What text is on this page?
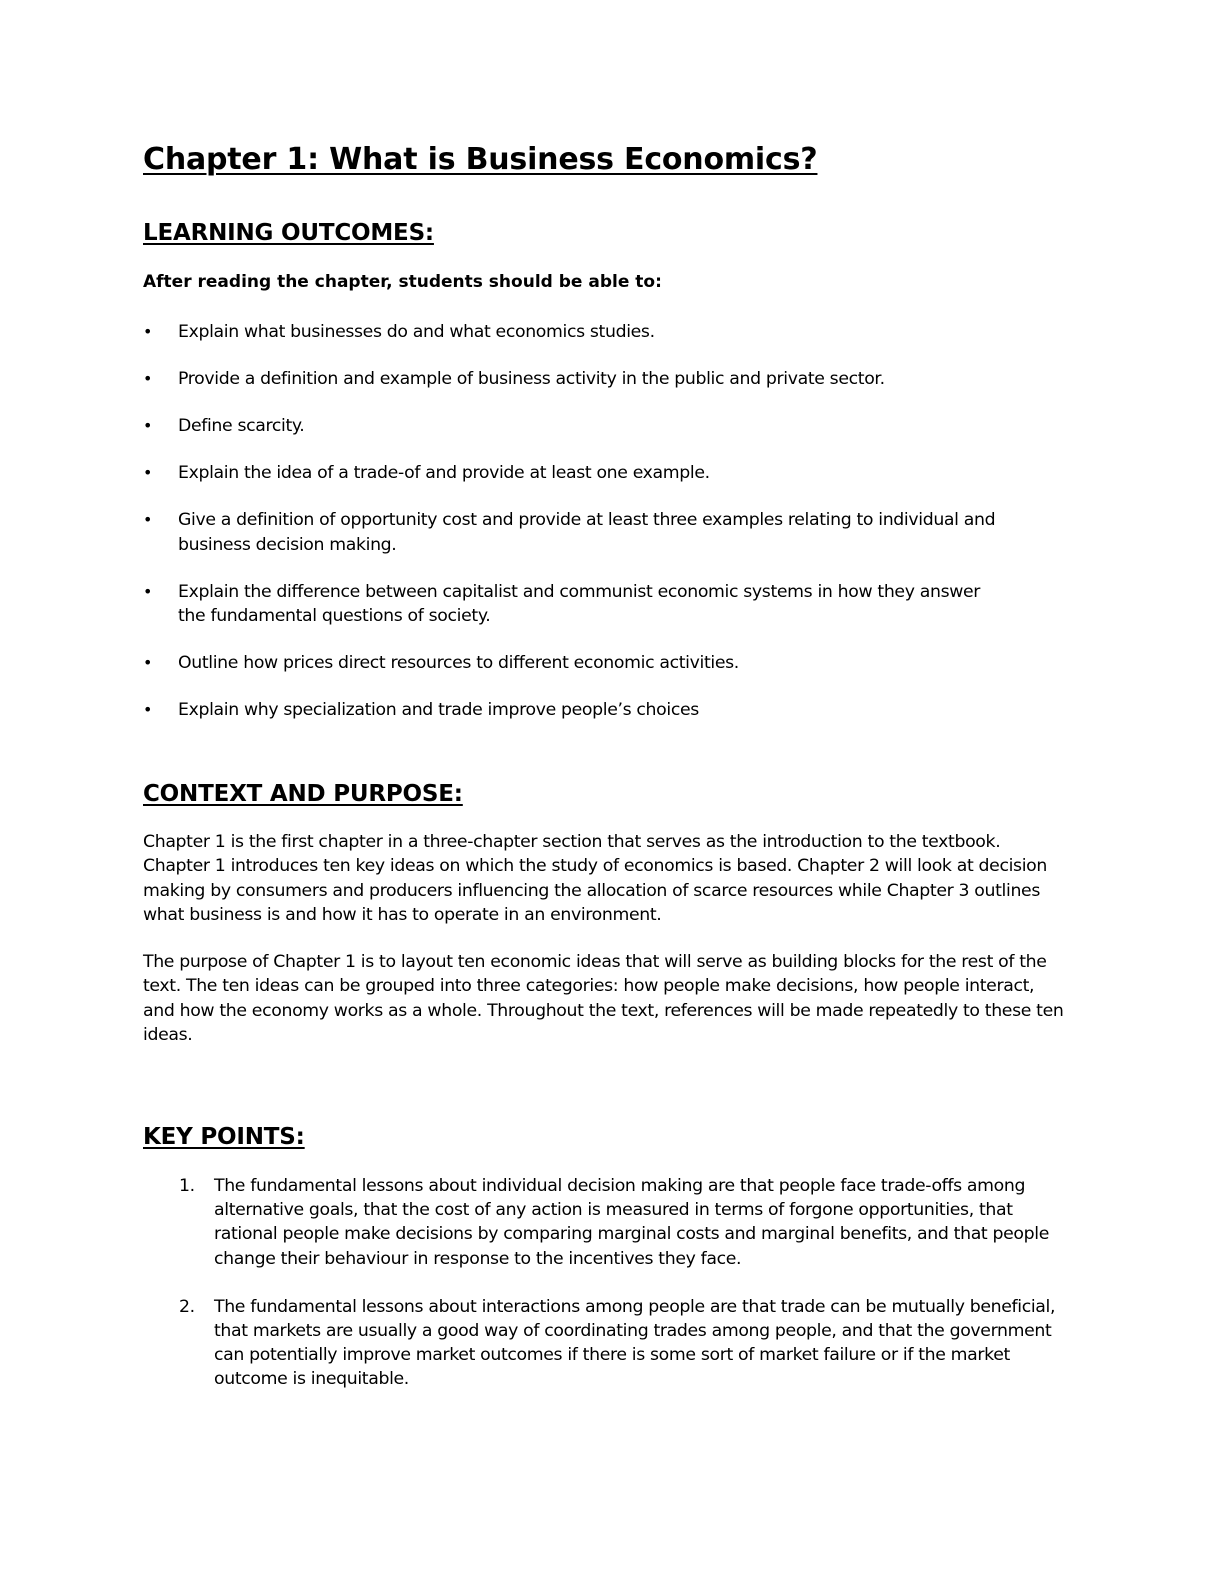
Chapter 1: What is Business Economics?
LEARNING OUTCOMES:

After reading the chapter, students should be able to:

• Explain what businesses do and what economics studies.
• Provide a definition and example of business activity in the public and private sector.
• Define scarcity.
• Explain the idea of a trade-of and provide at least one example.
• Give a definition of opportunity cost and provide at least three examples relating to individual and business decision making.
• Explain the difference between capitalist and communist economic systems in how they answer the fundamental questions of society.
• Outline how prices direct resources to different economic activities.
• Explain why specialization and trade improve people’s choices
CONTEXT AND PURPOSE:

Chapter 1 is the first chapter in a three-chapter section that serves as the introduction to the textbook. Chapter 1 introduces ten key ideas on which the study of economics is based. Chapter 2 will look at decision making by consumers and producers influencing the allocation of scarce resources while Chapter 3 outlines what business is and how it has to operate in an environment.

The purpose of Chapter 1 is to layout ten economic ideas that will serve as building blocks for the rest of the text. The ten ideas can be grouped into three categories: how people make decisions, how people interact, and how the economy works as a whole. Throughout the text, references will be made repeatedly to these ten ideas.

KEY POINTS:
1. The fundamental lessons about individual decision making are that people face trade-offs among alternative goals, that the cost of any action is measured in terms of forgone opportunities, that rational people make decisions by comparing marginal costs and marginal benefits, and that people change their behaviour in response to the incentives they face.
2. The fundamental lessons about interactions among people are that trade can be mutually beneficial, that markets are usually a good way of coordinating trades among people, and that the government can potentially improve market outcomes if there is some sort of market failure or if the market outcome is inequitable.
